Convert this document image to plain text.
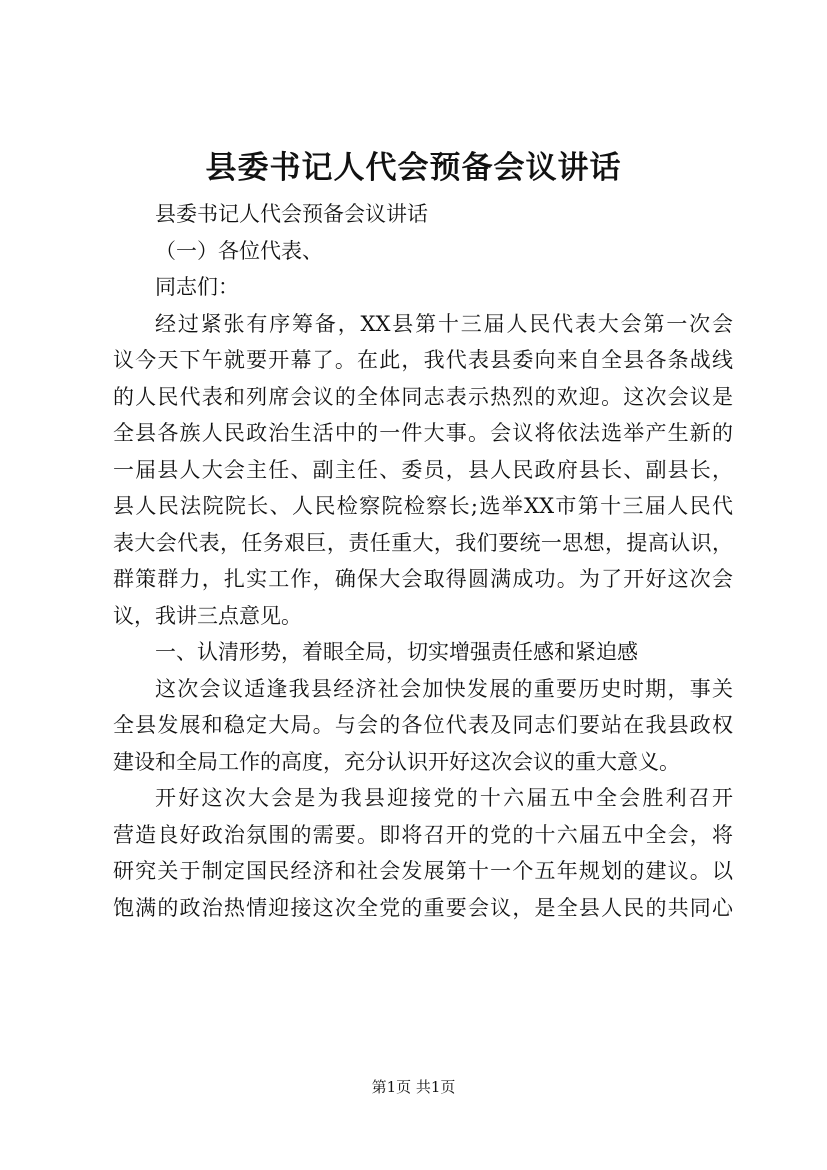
县委书记人代会预备会议讲话
县委书记人代会预备会议讲话
（一）各位代表、
同志们：
经过紧张有序筹备，XX县第十三届人民代表大会第一次会
议今天下午就要开幕了。在此，我代表县委向来自全县各条战线
的人民代表和列席会议的全体同志表示热烈的欢迎。这次会议是
全县各族人民政治生活中的一件大事。会议将依法选举产生新的
一届县人大会主任、副主任、委员，县人民政府县长、副县长，
县人民法院院长、人民检察院检察长;选举XX市第十三届人民代
表大会代表，任务艰巨，责任重大，我们要统一思想，提高认识，
群策群力，扎实工作，确保大会取得圆满成功。为了开好这次会
议，我讲三点意见。
一、认清形势，着眼全局，切实增强责任感和紧迫感
这次会议适逢我县经济社会加快发展的重要历史时期，事关
全县发展和稳定大局。与会的各位代表及同志们要站在我县政权
建设和全局工作的高度，充分认识开好这次会议的重大意义。
开好这次大会是为我县迎接党的十六届五中全会胜利召开
营造良好政治氛围的需要。即将召开的党的十六届五中全会，将
研究关于制定国民经济和社会发展第十一个五年规划的建议。以
饱满的政治热情迎接这次全党的重要会议，是全县人民的共同心
第1页 共1页
